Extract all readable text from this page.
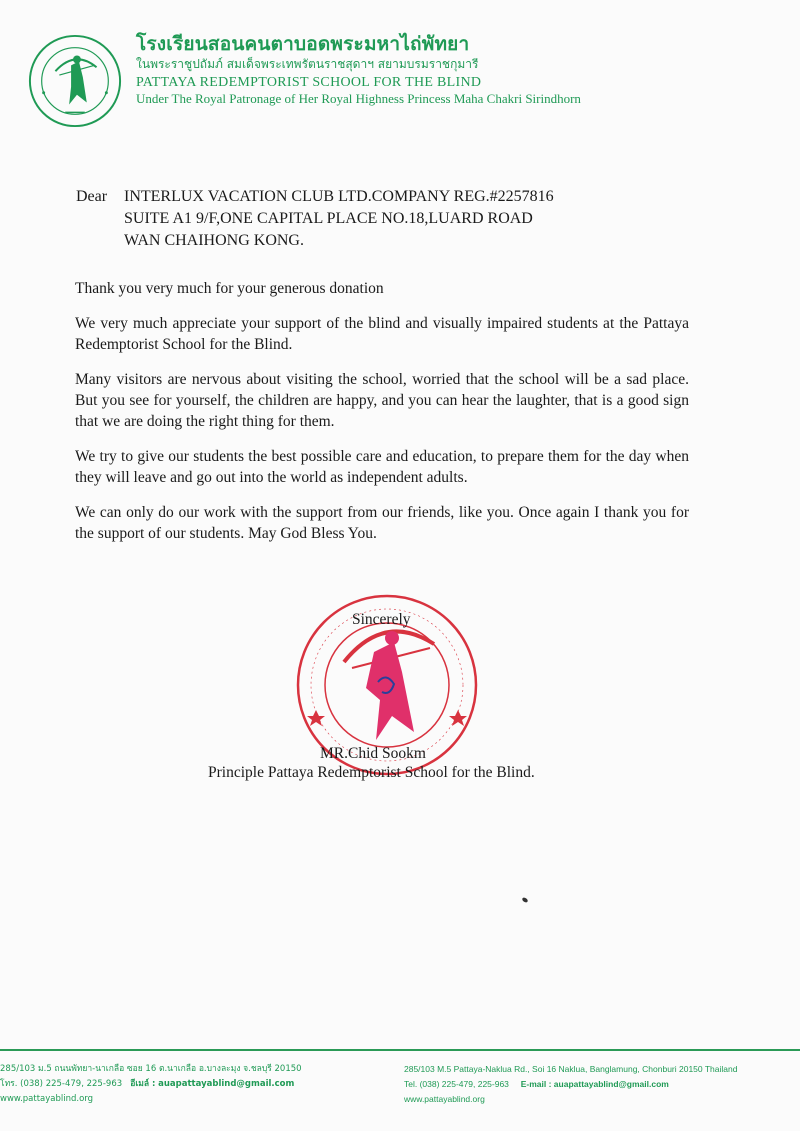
โรงเรียนสอนคนตาบอดพระมหาไถ่พัทยา
ในพระราชูปถัมภ์ สมเด็จพระเทพรัตนราชสุดาฯ สยามบรมราชกุมารี
PATTAYA REDEMPTORIST SCHOOL FOR THE BLIND
Under The Royal Patronage of Her Royal Highness Princess Maha Chakri Sirindhorn
Dear INTERLUX VACATION CLUB LTD.COMPANY REG.#2257816
SUITE A1 9/F,ONE CAPITAL PLACE NO.18,LUARD ROAD
WAN CHAIHONG KONG.

Thank you very much for your generous donation

We very much appreciate your support of the blind and visually impaired students at the Pattaya Redemptorist School for the Blind.

Many visitors are nervous about visiting the school, worried that the school will be a sad place. But you see for yourself, the children are happy, and you can hear the laughter, that is a good sign that we are doing the right thing for them.

We try to give our students the best possible care and education, to prepare them for the day when they will leave and go out into the world as independent adults.

We can only do our work with the support from our friends, like you. Once again I thank you for the support of our students. May God Bless You.

Sincerely
MR.Chid Sookm
Principle Pattaya Redemptorist School for the Blind.
285/103 ม.5 ถนนพัทยา-นาเกลือ ซอย 16 ต.นาเกลือ อ.บางละมุง จ.ชลบุรี 20150
โทร. (038) 225-479, 225-963 อีเมล์ : auapattayablind@gmail.com
www.pattayablind.org
285/103 M.5 Pattaya-Naklua Rd., Soi 16 Naklua, Banglamung, Chonburi 20150 Thailand
Tel. (038) 225-479, 225-963 E-mail : auapattayablind@gmail.com
www.pattayablind.org
